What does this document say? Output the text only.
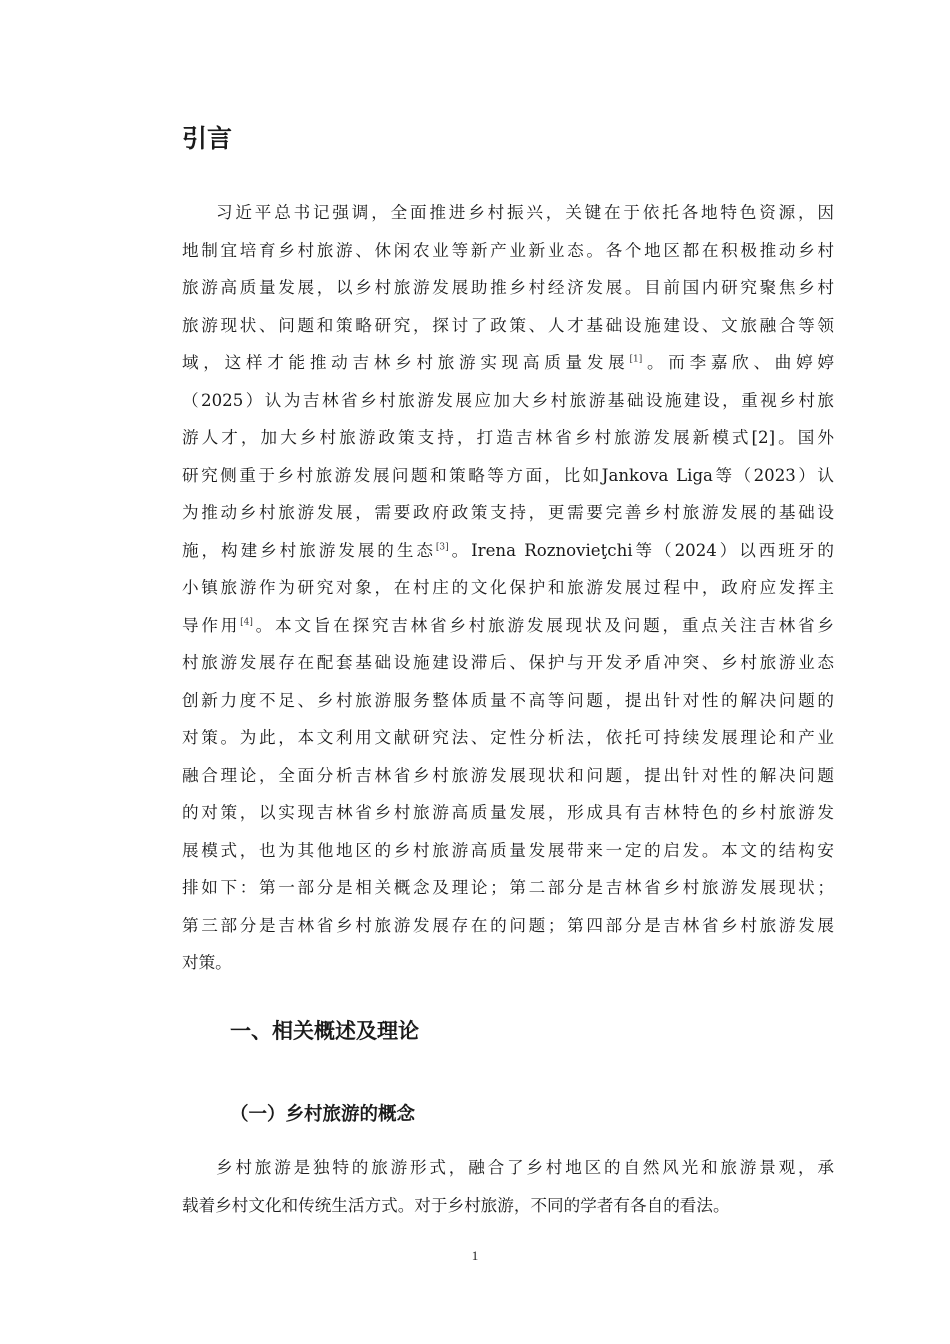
引言
习近平总书记强调，全面推进乡村振兴，关键在于依托各地特色资源，因
地制宜培育乡村旅游、休闲农业等新产业新业态。各个地区都在积极推动乡村
旅游高质量发展，以乡村旅游发展助推乡村经济发展。目前国内研究聚焦乡村
旅游现状、问题和策略研究，探讨了政策、人才基础设施建设、文旅融合等领
域，这样才能推动吉林乡村旅游实现高质量发展[1]。而李嘉欣、曲婷婷
（2025）认为吉林省乡村旅游发展应加大乡村旅游基础设施建设，重视乡村旅
游人才，加大乡村旅游政策支持，打造吉林省乡村旅游发展新模式[2]。国外
研究侧重于乡村旅游发展问题和策略等方面，比如Jankova Liga等（2023）认
为推动乡村旅游发展，需要政府政策支持，更需要完善乡村旅游发展的基础设
施，构建乡村旅游发展的生态[3]。Irena Roznovieţchi等（2024）以西班牙的
小镇旅游作为研究对象，在村庄的文化保护和旅游发展过程中，政府应发挥主
导作用[4]。本文旨在探究吉林省乡村旅游发展现状及问题，重点关注吉林省乡
村旅游发展存在配套基础设施建设滞后、保护与开发矛盾冲突、乡村旅游业态
创新力度不足、乡村旅游服务整体质量不高等问题，提出针对性的解决问题的
对策。为此，本文利用文献研究法、定性分析法，依托可持续发展理论和产业
融合理论，全面分析吉林省乡村旅游发展现状和问题，提出针对性的解决问题
的对策，以实现吉林省乡村旅游高质量发展，形成具有吉林特色的乡村旅游发
展模式，也为其他地区的乡村旅游高质量发展带来一定的启发。本文的结构安
排如下：第一部分是相关概念及理论；第二部分是吉林省乡村旅游发展现状；
第三部分是吉林省乡村旅游发展存在的问题；第四部分是吉林省乡村旅游发展
对策。
一、相关概述及理论
（一）乡村旅游的概念
乡村旅游是独特的旅游形式，融合了乡村地区的自然风光和旅游景观，承
载着乡村文化和传统生活方式。对于乡村旅游，不同的学者有各自的看法。
1
